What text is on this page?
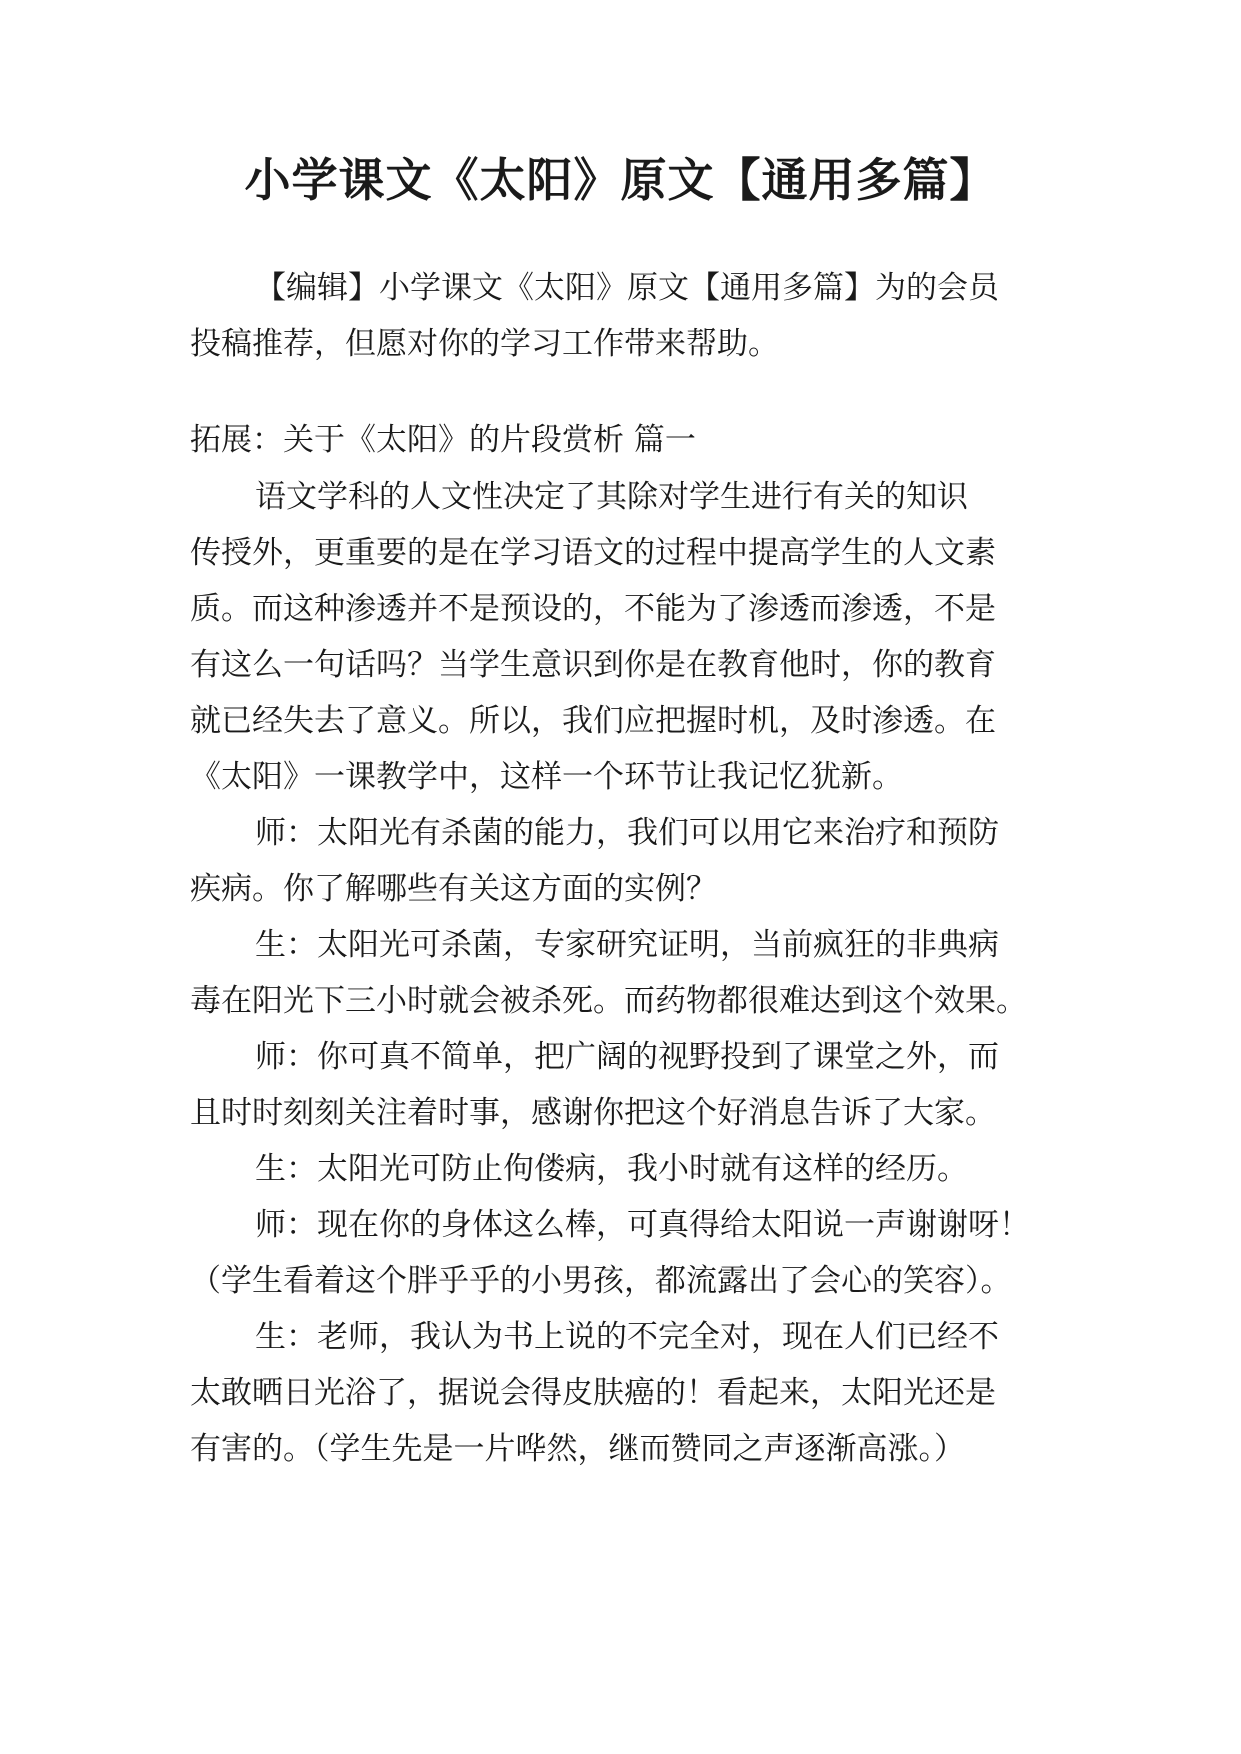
小学课文《太阳》原文【通用多篇】

【编辑】小学课文《太阳》原文【通用多篇】为的会员

投稿推荐，但愿对你的学习工作带来帮助。

拓展：关于《太阳》的片段赏析 篇一

语文学科的人文性决定了其除对学生进行有关的知识

传授外，更重要的是在学习语文的过程中提高学生的人文素

质。而这种渗透并不是预设的，不能为了渗透而渗透，不是

有这么一句话吗？当学生意识到你是在教育他时，你的教育

就已经失去了意义。所以，我们应把握时机，及时渗透。在

《太阳》一课教学中，这样一个环节让我记忆犹新。

师：太阳光有杀菌的能力，我们可以用它来治疗和预防

疾病。你了解哪些有关这方面的实例？

生：太阳光可杀菌，专家研究证明，当前疯狂的非典病

毒在阳光下三小时就会被杀死。而药物都很难达到这个效果。

师：你可真不简单，把广阔的视野投到了课堂之外，而

且时时刻刻关注着时事，感谢你把这个好消息告诉了大家。

生：太阳光可防止佝偻病，我小时就有这样的经历。

师：现在你的身体这么棒，可真得给太阳说一声谢谢呀！

（学生看着这个胖乎乎的小男孩，都流露出了会心的笑容）。

生：老师，我认为书上说的不完全对，现在人们已经不

太敢晒日光浴了，据说会得皮肤癌的！看起来，太阳光还是

有害的。（学生先是一片哗然，继而赞同之声逐渐高涨。）
